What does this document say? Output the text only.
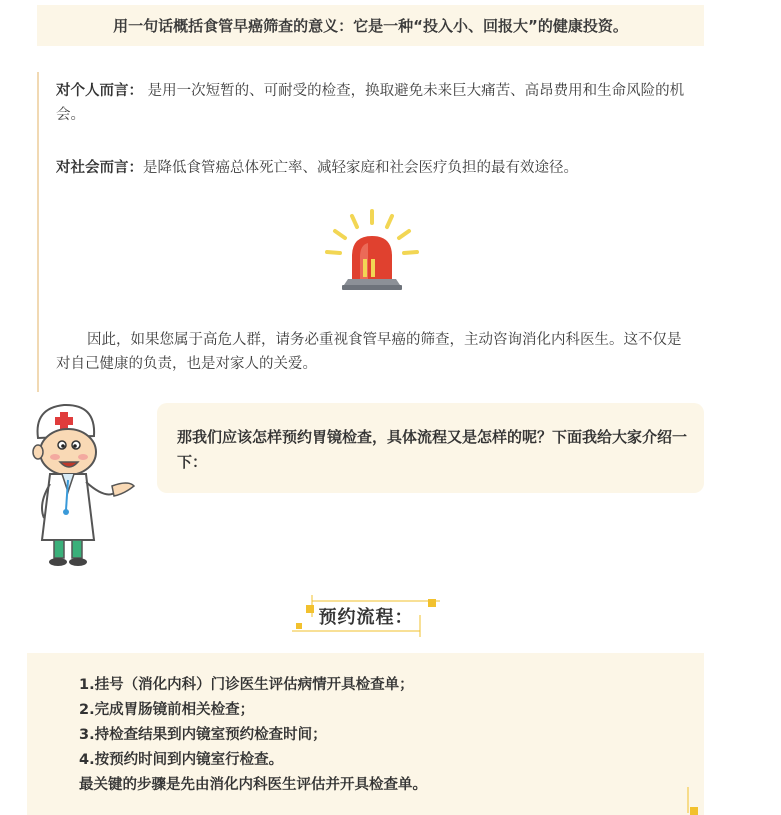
用一句话概括食管早癌筛查的意义：它是一种“投入小、回报大”的健康投资。
对个人而言： 是用一次短暂的、可耐受的检查，换取避免未来巨大痛苦、高昂费用和生命风险的机会。
对社会而言：是降低食管癌总体死亡率、减轻家庭和社会医疗负担的最有效途径。
因此，如果您属于高危人群，请务必重视食管早癌的筛查，主动咨询消化内科医生。这不仅是对自己健康的负责，也是对家人的关爱。
那我们应该怎样预约胃镜检查，具体流程又是怎样的呢？下面我给大家介绍一下：
预约流程：
1.挂号（消化内科）门诊医生评估病情开具检查单；
2.完成胃肠镜前相关检查；
3.持检查结果到内镜室预约检查时间；
4.按预约时间到内镜室行检查。
最关键的步骤是先由消化内科医生评估并开具检查单。
